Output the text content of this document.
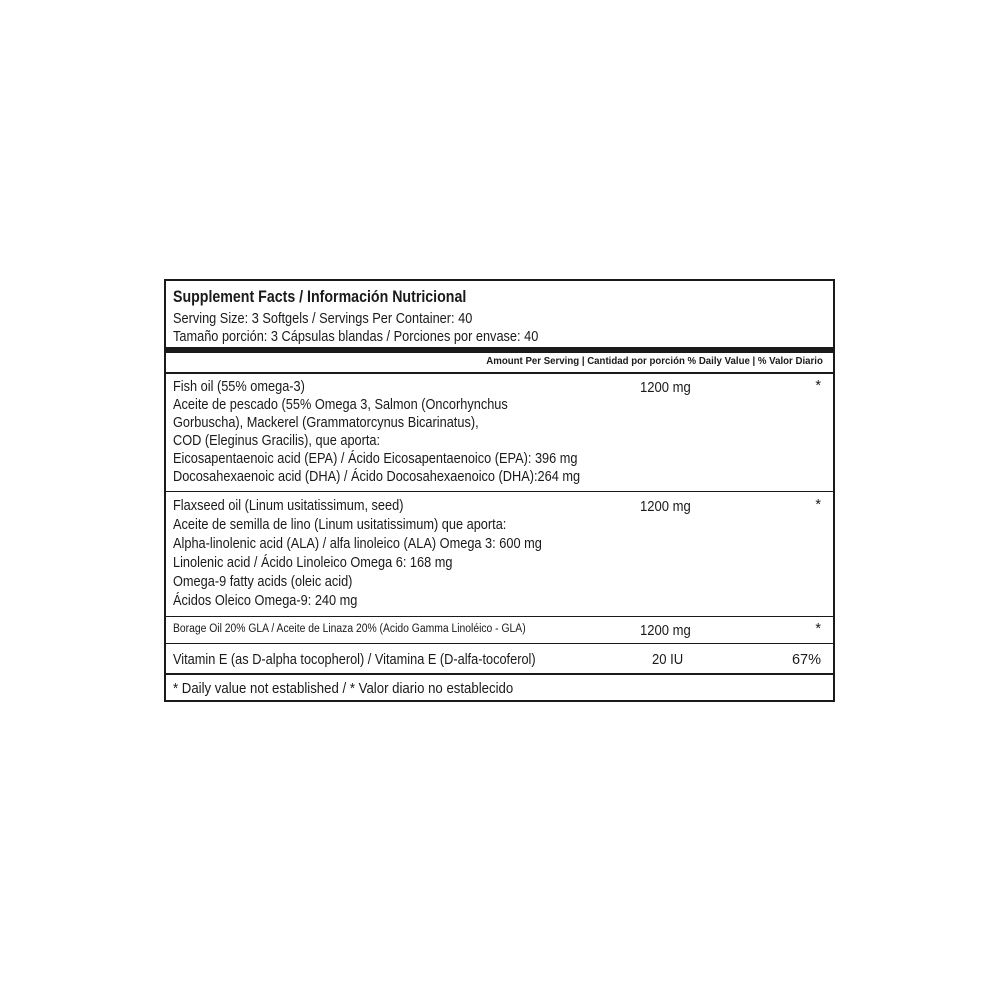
Supplement Facts / Información Nutricional
Serving Size: 3 Softgels / Servings Per Container: 40
Tamaño porción: 3 Cápsulas blandas / Porciones por envase: 40
Amount Per Serving | Cantidad por porción % Daily Value | % Valor Diario
Fish oil (55% omega-3)
Aceite de pescado (55% Omega 3, Salmon (Oncorhynchus
Gorbuscha), Mackerel (Grammatorcynus Bicarinatus),
COD (Eleginus Gracilis), que aporta:
Eicosapentaenoic acid (EPA) / Ácido Eicosapentaenoico (EPA): 396 mg
Docosahexaenoic acid (DHA) / Ácido Docosahexaenoico (DHA):264 mg
1200 mg	*
Flaxseed oil (Linum usitatissimum, seed)
Aceite de semilla de lino (Linum usitatissimum) que aporta:
Alpha-linolenic acid (ALA) / alfa linoleico (ALA) Omega 3: 600 mg
Linolenic acid / Ácido Linoleico Omega 6: 168 mg
Omega-9 fatty acids (oleic acid)
Ácidos Oleico Omega-9: 240 mg
1200 mg	*
Borage Oil 20% GLA / Aceite de Linaza 20% (Acido Gamma Linoléico - GLA)	1200 mg	*
Vitamin E (as D-alpha tocopherol) / Vitamina E (D-alfa-tocoferol)	20 IU	67%
* Daily value not established / * Valor diario no establecido
